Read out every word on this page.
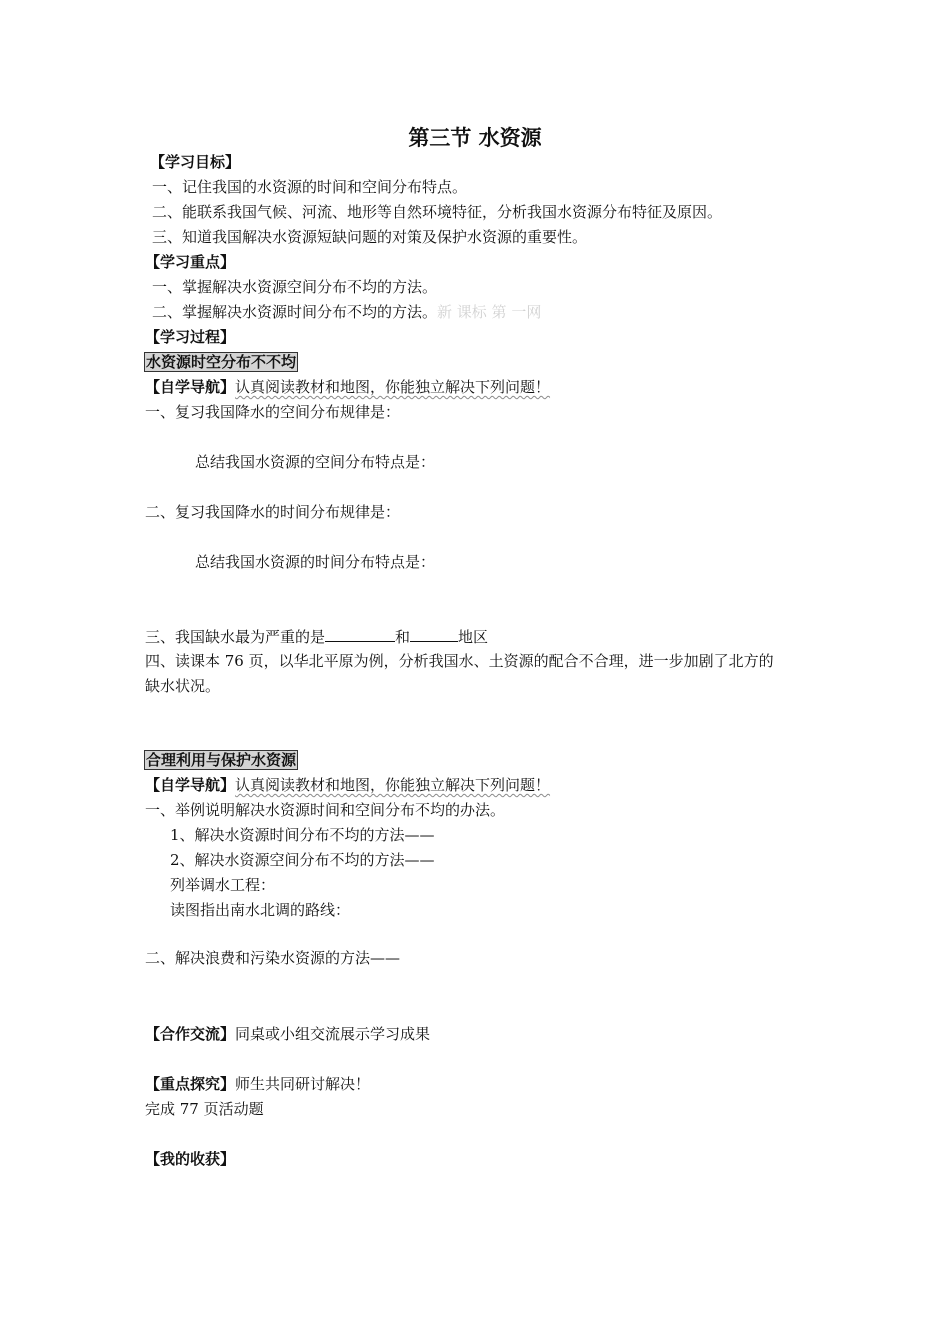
第三节 水资源
【学习目标】
一、记住我国的水资源的时间和空间分布特点。
二、能联系我国气候、河流、地形等自然环境特征，分析我国水资源分布特征及原因。
三、知道我国解决水资源短缺问题的对策及保护水资源的重要性。
【学习重点】
一、掌握解决水资源空间分布不均的方法。
二、掌握解决水资源时间分布不均的方法。新 课标 第 一网
【学习过程】
水资源时空分布不不均
【自学导航】认真阅读教材和地图，你能独立解决下列问题！
一、复习我国降水的空间分布规律是：
总结我国水资源的空间分布特点是：
二、复习我国降水的时间分布规律是：
总结我国水资源的时间分布特点是：
三、我国缺水最为严重的是	和	地区
四、读课本 76 页，以华北平原为例，分析我国水、土资源的配合不合理，进一步加剧了北方的
缺水状况。
合理利用与保护水资源
【自学导航】认真阅读教材和地图，你能独立解决下列问题！
一、举例说明解决水资源时间和空间分布不均的办法。
1、解决水资源时间分布不均的方法——
2、解决水资源空间分布不均的方法——
列举调水工程：
读图指出南水北调的路线：
二、解决浪费和污染水资源的方法——
【合作交流】同桌或小组交流展示学习成果
【重点探究】师生共同研讨解决！
完成 77 页活动题
【我的收获】
